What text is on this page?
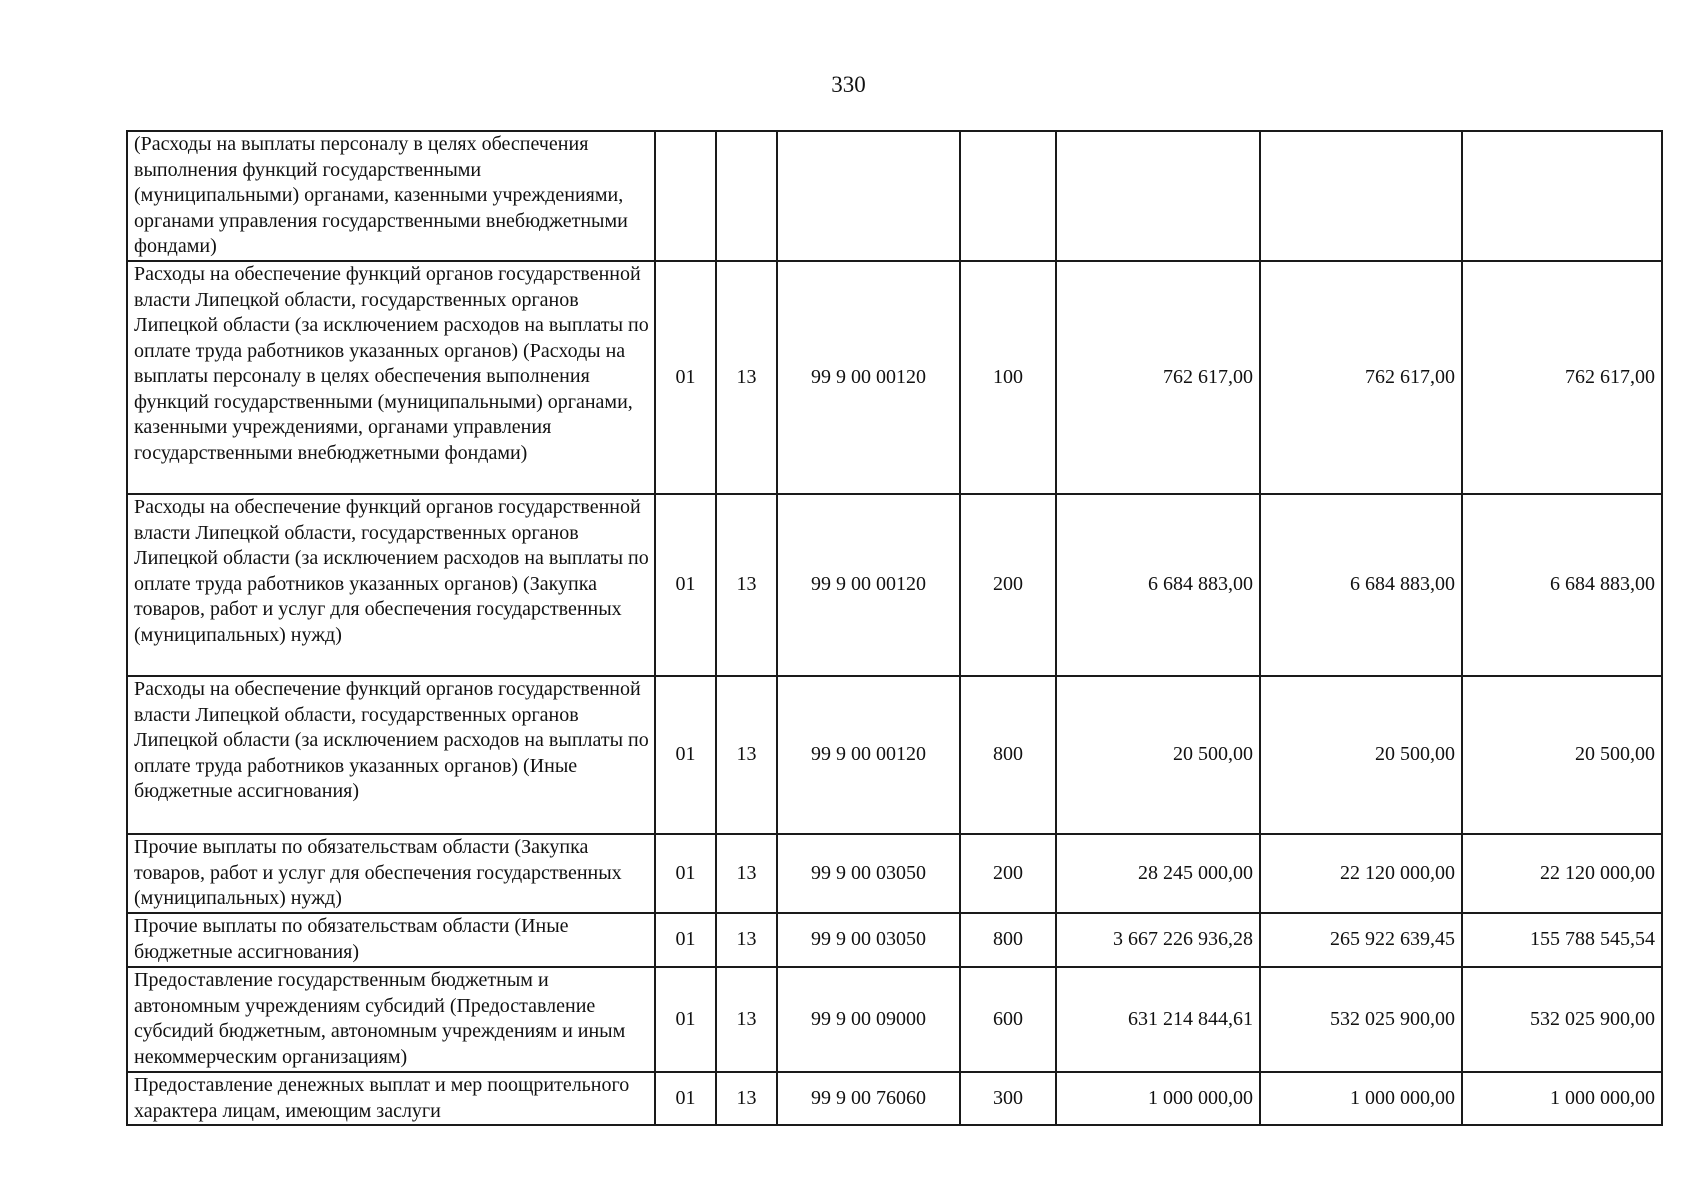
330
(Расходы на выплаты персоналу в целях обеспечения выполнения функций государственными (муниципальными) органами, казенными учреждениями, органами управления государственными внебюджетными фондами)							
Расходы на обеспечение функций органов государственной власти Липецкой области, государственных органов Липецкой области (за исключением расходов на выплаты по оплате труда работников указанных органов) (Расходы на выплаты персоналу в целях обеспечения выполнения функций государственными (муниципальными) органами, казенными учреждениями, органами управления государственными внебюджетными фондами)	01	13	99 9 00 00120	100	762 617,00	762 617,00	762 617,00
Расходы на обеспечение функций органов государственной власти Липецкой области, государственных органов Липецкой области (за исключением расходов на выплаты по оплате труда работников указанных органов) (Закупка товаров, работ и услуг для обеспечения государственных (муниципальных) нужд)	01	13	99 9 00 00120	200	6 684 883,00	6 684 883,00	6 684 883,00
Расходы на обеспечение функций органов государственной власти Липецкой области, государственных органов Липецкой области (за исключением расходов на выплаты по оплате труда работников указанных органов) (Иные бюджетные ассигнования)	01	13	99 9 00 00120	800	20 500,00	20 500,00	20 500,00
Прочие выплаты по обязательствам области (Закупка товаров, работ и услуг для обеспечения государственных (муниципальных) нужд)	01	13	99 9 00 03050	200	28 245 000,00	22 120 000,00	22 120 000,00
Прочие выплаты по обязательствам области (Иные бюджетные ассигнования)	01	13	99 9 00 03050	800	3 667 226 936,28	265 922 639,45	155 788 545,54
Предоставление государственным бюджетным и автономным учреждениям субсидий (Предоставление субсидий бюджетным, автономным учреждениям и иным некоммерческим организациям)	01	13	99 9 00 09000	600	631 214 844,61	532 025 900,00	532 025 900,00
Предоставление денежных выплат и мер поощрительного характера лицам, имеющим заслуги	01	13	99 9 00 76060	300	1 000 000,00	1 000 000,00	1 000 000,00
